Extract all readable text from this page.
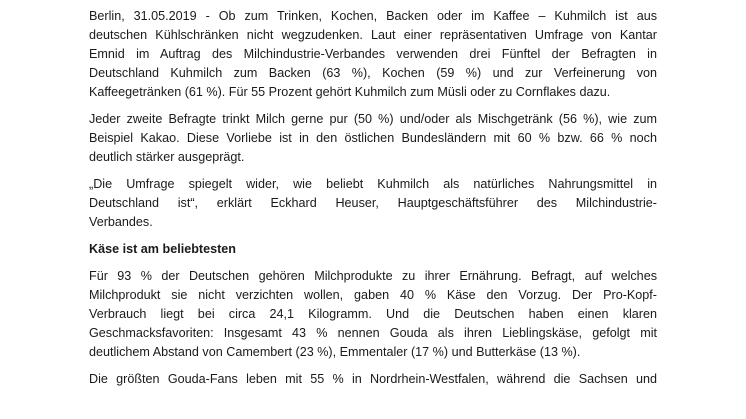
Berlin, 31.05.2019 - Ob zum Trinken, Kochen, Backen oder im Kaffee – Kuhmilch ist aus
deutschen Kühlschränken nicht wegzudenken. Laut einer repräsentativen Umfrage von Kantar
Emnid im Auftrag des Milchindustrie-Verbandes verwenden drei Fünftel der Befragten in
Deutschland Kuhmilch zum Backen (63 %), Kochen (59 %) und zur Verfeinerung von
Kaffeegetränken (61 %). Für 55 Prozent gehört Kuhmilch zum Müsli oder zu Cornflakes dazu.

Jeder zweite Befragte trinkt Milch gerne pur (50 %) und/oder als Mischgetränk (56 %), wie zum
Beispiel Kakao. Diese Vorliebe ist in den östlichen Bundesländern mit 60 % bzw. 66 % noch
deutlich stärker ausgeprägt.

„Die Umfrage spiegelt wider, wie beliebt Kuhmilch als natürliches Nahrungsmittel in
Deutschland ist“, erklärt Eckhard Heuser, Hauptgeschäftsführer des Milchindustrie-
Verbandes.

Käse ist am beliebtesten

Für 93 % der Deutschen gehören Milchprodukte zu ihrer Ernährung. Befragt, auf welches
Milchprodukt sie nicht verzichten wollen, gaben 40 % Käse den Vorzug. Der Pro-Kopf-
Verbrauch liegt bei circa 24,1 Kilogramm. Und die Deutschen haben einen klaren
Geschmacksfavoriten: Insgesamt 43 % nennen Gouda als ihren Lieblingskäse, gefolgt mit
deutlichem Abstand von Camembert (23 %), Emmentaler (17 %) und Butterkäse (13 %).

Die größten Gouda-Fans leben mit 55 % in Nordrhein-Westfalen, während die Sachsen und
